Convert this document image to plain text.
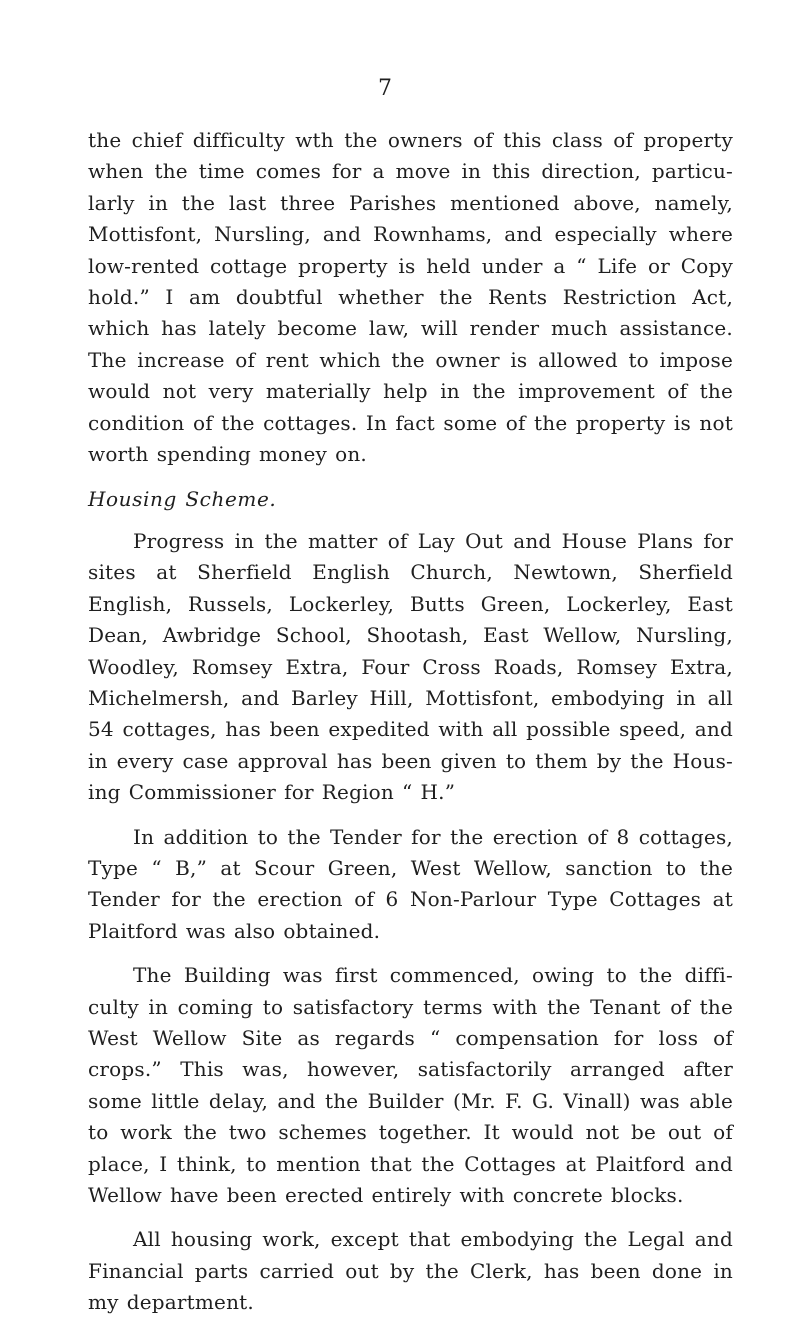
7

the chief difficulty wth the owners of this class of property when the time comes for a move in this direction, particu-larly in the last three Parishes mentioned above, namely, Mottisfont, Nursling, and Rownhams, and especially where low-rented cottage property is held under a “ Life or Copy hold.” I am doubtful whether the Rents Restriction Act, which has lately become law, will render much assistance. The increase of rent which the owner is allowed to impose would not very materially help in the improvement of the condition of the cottages. In fact some of the property is not worth spending money on.

Housing Scheme.

Progress in the matter of Lay Out and House Plans for sites at Sherfield English Church, Newtown, Sherfield English, Russels, Lockerley, Butts Green, Lockerley, East Dean, Awbridge School, Shootash, East Wellow, Nursling, Woodley, Romsey Extra, Four Cross Roads, Romsey Extra, Michelmersh, and Barley Hill, Mottisfont, embodying in all 54 cottages, has been expedited with all possible speed, and in every case approval has been given to them by the Hous-ing Commissioner for Region “ H.”

In addition to the Tender for the erection of 8 cottages, Type “ B,” at Scour Green, West Wellow, sanction to the Tender for the erection of 6 Non-Parlour Type Cottages at Plaitford was also obtained.

The Building was first commenced, owing to the diffi-culty in coming to satisfactory terms with the Tenant of the West Wellow Site as regards “ compensation for loss of crops.” This was, however, satisfactorily arranged after some little delay, and the Builder (Mr. F. G. Vinall) was able to work the two schemes together. It would not be out of place, I think, to mention that the Cottages at Plaitford and Wellow have been erected entirely with concrete blocks.

All housing work, except that embodying the Legal and Financial parts carried out by the Clerk, has been done in my department.
